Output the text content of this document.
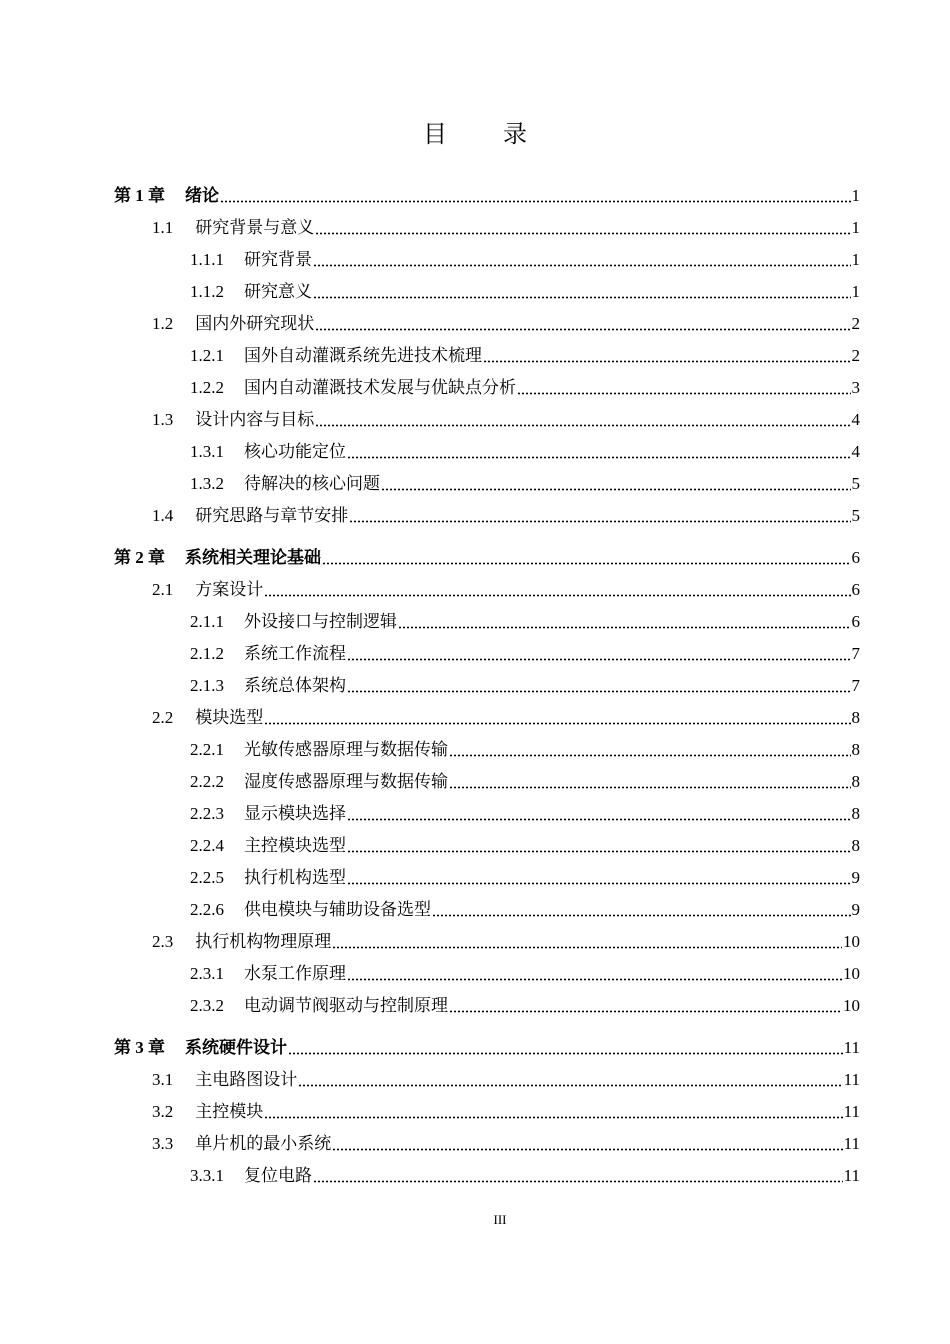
目 录
第 1 章 绪论	1
1.1 研究背景与意义	1
1.1.1 研究背景	1
1.1.2 研究意义	1
1.2 国内外研究现状	2
1.2.1 国外自动灌溉系统先进技术梳理	2
1.2.2 国内自动灌溉技术发展与优缺点分析	3
1.3 设计内容与目标	4
1.3.1 核心功能定位	4
1.3.2 待解决的核心问题	5
1.4 研究思路与章节安排	5
第 2 章 系统相关理论基础	6
2.1 方案设计	6
2.1.1 外设接口与控制逻辑	6
2.1.2 系统工作流程	7
2.1.3 系统总体架构	7
2.2 模块选型	8
2.2.1 光敏传感器原理与数据传输	8
2.2.2 湿度传感器原理与数据传输	8
2.2.3 显示模块选择	8
2.2.4 主控模块选型	8
2.2.5 执行机构选型	9
2.2.6 供电模块与辅助设备选型	9
2.3 执行机构物理原理	10
2.3.1 水泵工作原理	10
2.3.2 电动调节阀驱动与控制原理	10
第 3 章 系统硬件设计	11
3.1 主电路图设计	11
3.2 主控模块	11
3.3 单片机的最小系统	11
3.3.1 复位电路	11
III
